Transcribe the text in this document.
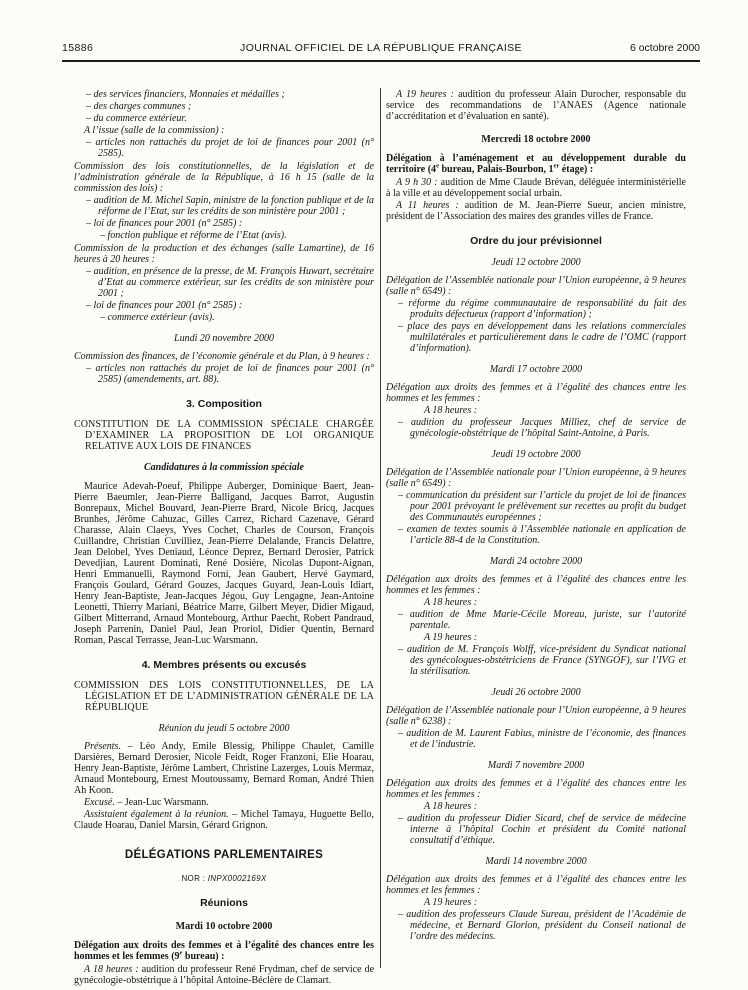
15886	JOURNAL OFFICIEL DE LA RÉPUBLIQUE FRANÇAISE	6 octobre 2000

– des services financiers, Monnaies et médailles ;

– des charges communes ;

– du commerce extérieur.

A l’issue (salle de la commission) :

– articles non rattachés du projet de loi de finances pour 2001 (n° 2585).

Commission des lois constitutionnelles, de la législation et de l’administration générale de la République, à 16 h 15 (salle de la commission des lois) :

– audition de M. Michel Sapin, ministre de la fonction publique et de la réforme de l’Etat, sur les crédits de son ministère pour 2001 ;

– loi de finances pour 2001 (n° 2585) :

– fonction publique et réforme de l’Etat (avis).

Commission de la production et des échanges (salle Lamartine), de 16 heures à 20 heures :

– audition, en présence de la presse, de M. François Huwart, secrétaire d’Etat au commerce extérieur, sur les crédits de son ministère pour 2001 ;

– loi de finances pour 2001 (n° 2585) :

– commerce extérieur (avis).

Lundi 20 novembre 2000

Commission des finances, de l’économie générale et du Plan, à 9 heures :

– articles non rattachés du projet de loi de finances pour 2001 (n° 2585) (amendements, art. 88).

3. Composition

CONSTITUTION DE LA COMMISSION SPÉCIALE CHARGÉE D’EXAMINER LA PROPOSITION DE LOI ORGANIQUE RELATIVE AUX LOIS DE FINANCES

Candidatures à la commission spéciale

Maurice Adevah-Poeuf, Philippe Auberger, Dominique Baert, Jean-Pierre Baeumler, Jean-Pierre Balligand, Jacques Barrot, Augustin Bonrepaux, Michel Bouvard, Jean-Pierre Brard, Nicole Bricq, Jacques Brunhes, Jérôme Cahuzac, Gilles Carrez, Richard Cazenave, Gérard Charasse, Alain Claeys, Yves Cochet, Charles de Courson, François Cuillandre, Christian Cuvilliez, Jean-Pierre Delalande, Francis Delattre, Jean Delobel, Yves Deniaud, Léonce Deprez, Bernard Derosier, Patrick Devedjian, Laurent Dominati, René Dosière, Nicolas Dupont-Aignan, Henri Emmanuelli, Raymond Forni, Jean Gaubert, Hervé Gaymard, François Goulard, Gérard Gouzes, Jacques Guyard, Jean-Louis Idiart, Henry Jean-Baptiste, Jean-Jacques Jégou, Guy Lengagne, Jean-Antoine Leonetti, Thierry Mariani, Béatrice Marre, Gilbert Meyer, Didier Migaud, Gilbert Mitterrand, Arnaud Montebourg, Arthur Paecht, Robert Pandraud, Joseph Parrenin, Daniel Paul, Jean Proriol, Didier Quentin, Bernard Roman, Pascal Terrasse, Jean-Luc Warsmann.

4. Membres présents ou excusés

COMMISSION DES LOIS CONSTITUTIONNELLES, DE LA LÉGISLATION ET DE L’ADMINISTRATION GÉNÉRALE DE LA RÉPUBLIQUE

Réunion du jeudi 5 octobre 2000

Présents. – Léo Andy, Emile Blessig, Philippe Chaulet, Camille Darsières, Bernard Derosier, Nicole Feidt, Roger Franzoni, Elie Hoarau, Henry Jean-Baptiste, Jérôme Lambert, Christine Lazerges, Louis Mermaz, Arnaud Montebourg, Ernest Moutoussamy, Bernard Roman, André Thien Ah Koon.

Excusé. – Jean-Luc Warsmann.

Assistaient également à la réunion. – Michel Tamaya, Huguette Bello, Claude Hoarau, Daniel Marsin, Gérard Grignon.

DÉLÉGATIONS PARLEMENTAIRES

NOR : INPX0002169X

Réunions

Mardi 10 octobre 2000

Délégation aux droits des femmes et à l’égalité des chances entre les hommes et les femmes (9e bureau) :

A 18 heures : audition du professeur René Frydman, chef de service de gynécologie-obstétrique à l’hôpital Antoine-Béclère de Clamart.

A 19 heures : audition du professeur Alain Durocher, responsable du service des recommandations de l’ANAES (Agence nationale d’accréditation et d’évaluation en santé).

Mercredi 18 octobre 2000

Délégation à l’aménagement et au développement durable du territoire (4e bureau, Palais-Bourbon, 1er étage) :

A 9 h 30 : audition de Mme Claude Brévan, déléguée interministérielle à la ville et au développement social urbain.

A 11 heures : audition de M. Jean-Pierre Sueur, ancien ministre, président de l’Association des maires des grandes villes de France.

Ordre du jour prévisionnel

Jeudi 12 octobre 2000

Délégation de l’Assemblée nationale pour l’Union européenne, à 9 heures (salle n° 6549) :

– réforme du régime communautaire de responsabilité du fait des produits défectueux (rapport d’information) ;

– place des pays en développement dans les relations commerciales multilatérales et particulièrement dans le cadre de l’OMC (rapport d’information).

Mardi 17 octobre 2000

Délégation aux droits des femmes et à l’égalité des chances entre les hommes et les femmes :

A 18 heures :

– audition du professeur Jacques Milliez, chef de service de gynécologie-obstétrique de l’hôpital Saint-Antoine, à Paris.

Jeudi 19 octobre 2000

Délégation de l’Assemblée nationale pour l’Union européenne, à 9 heures (salle n° 6549) :

– communication du président sur l’article du projet de loi de finances pour 2001 prévoyant le prélèvement sur recettes au profit du budget des Communautés européennes ;

– examen de textes soumis à l’Assemblée nationale en application de l’article 88-4 de la Constitution.

Mardi 24 octobre 2000

Délégation aux droits des femmes et à l’égalité des chances entre les hommes et les femmes :

A 18 heures :

– audition de Mme Marie-Cécile Moreau, juriste, sur l’autorité parentale.

A 19 heures :

– audition de M. François Wolff, vice-président du Syndicat national des gynécologues-obstétriciens de France (SYNGOF), sur l’IVG et la stérilisation.

Jeudi 26 octobre 2000

Délégation de l’Assemblée nationale pour l’Union européenne, à 9 heures (salle n° 6238) :

– audition de M. Laurent Fabius, ministre de l’économie, des finances et de l’industrie.

Mardi 7 novembre 2000

Délégation aux droits des femmes et à l’égalité des chances entre les hommes et les femmes :

A 18 heures :

– audition du professeur Didier Sicard, chef de service de médecine interne à l’hôpital Cochin et président du Comité national consultatif d’éthique.

Mardi 14 novembre 2000

Délégation aux droits des femmes et à l’égalité des chances entre les hommes et les femmes :

A 19 heures :

– audition des professeurs Claude Sureau, président de l’Académie de médecine, et Bernard Glorion, président du Conseil national de l’ordre des médecins.
